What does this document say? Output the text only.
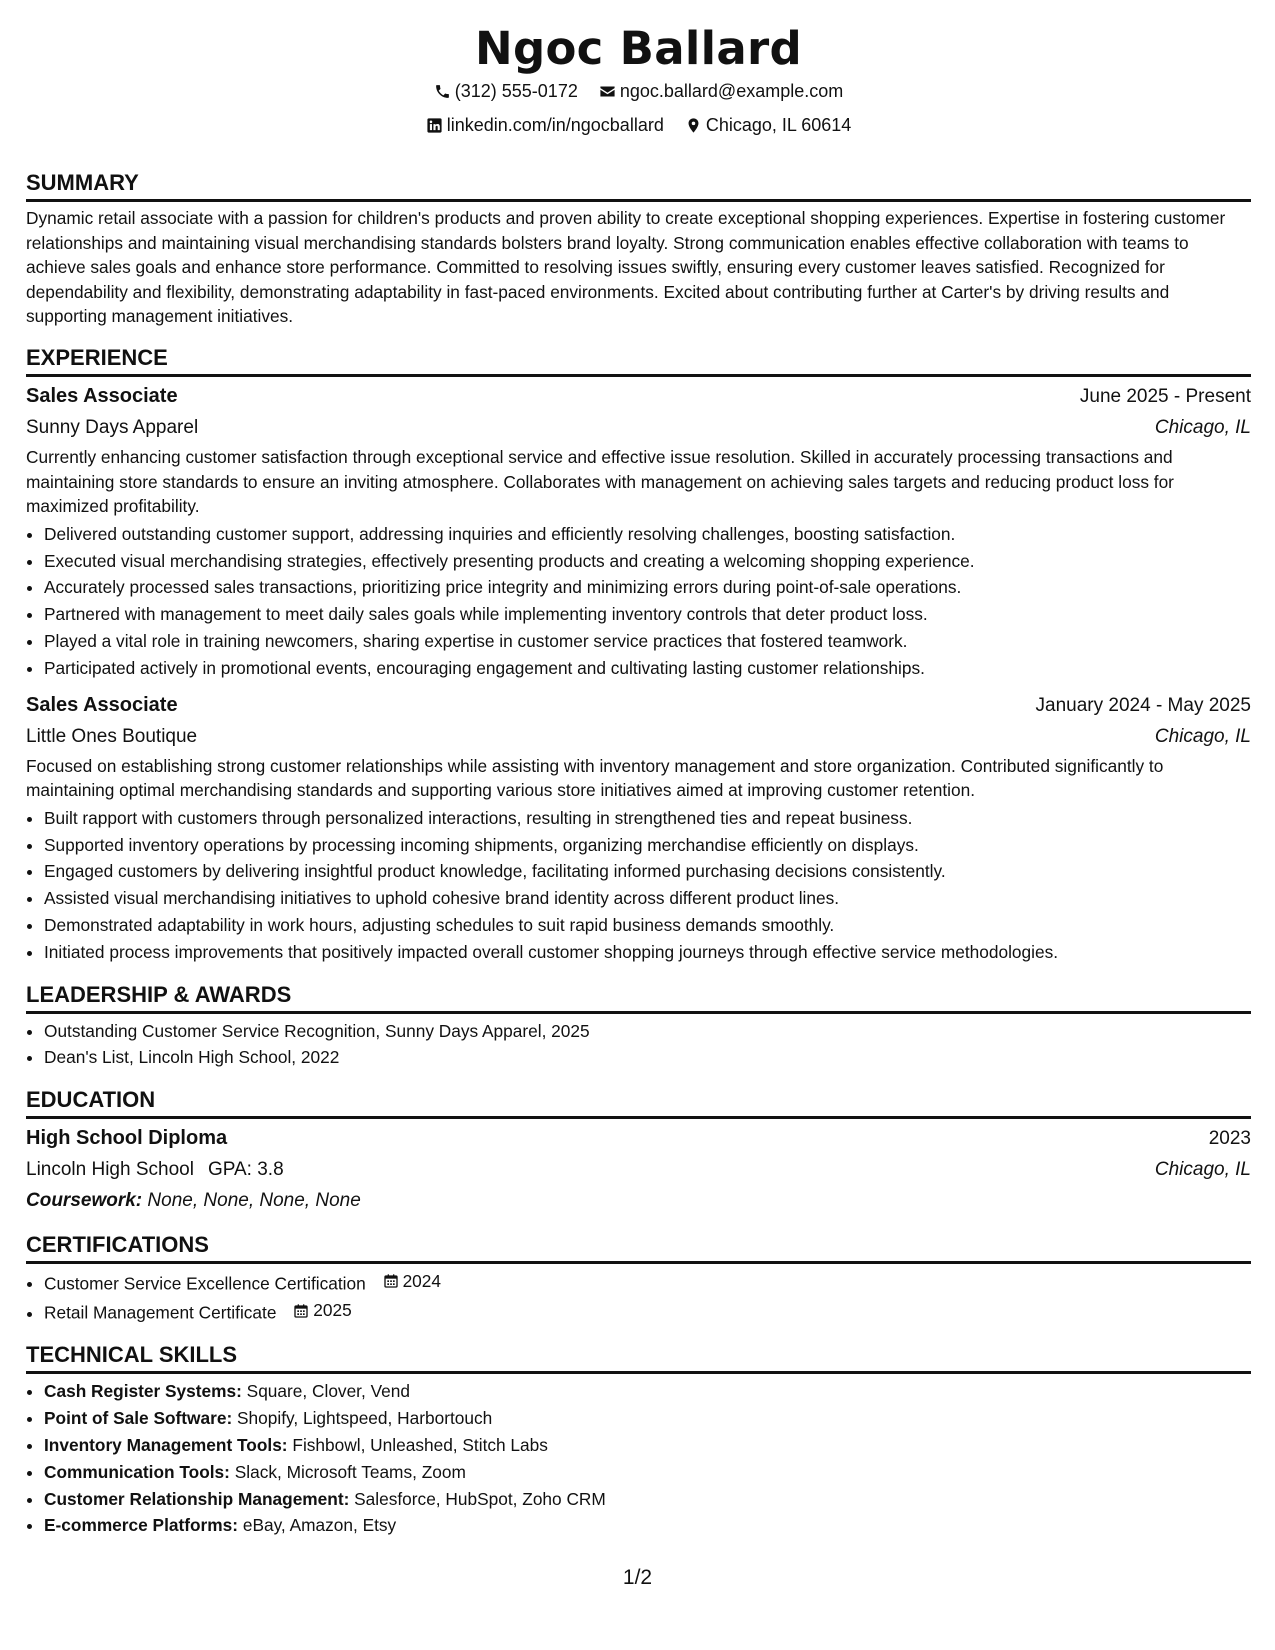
Ngoc Ballard
(312) 555-0172
ngoc.ballard@example.com
linkedin.com/in/ngocballard
Chicago, IL 60614
SUMMARY

Dynamic retail associate with a passion for children's products and proven ability to create exceptional shopping experiences. Expertise in fostering customer relationships and maintaining visual merchandising standards bolsters brand loyalty. Strong communication enables effective collaboration with teams to achieve sales goals and enhance store performance. Committed to resolving issues swiftly, ensuring every customer leaves satisfied. Recognized for dependability and flexibility, demonstrating adaptability in fast-paced environments. Excited about contributing further at Carter's by driving results and supporting management initiatives.

EXPERIENCE
Sales Associate	June 2025 - Present
Sunny Days Apparel	Chicago, IL

Currently enhancing customer satisfaction through exceptional service and effective issue resolution. Skilled in accurately processing transactions and maintaining store standards to ensure an inviting atmosphere. Collaborates with management on achieving sales targets and reducing product loss for maximized profitability.

• Delivered outstanding customer support, addressing inquiries and efficiently resolving challenges, boosting satisfaction.
• Executed visual merchandising strategies, effectively presenting products and creating a welcoming shopping experience.
• Accurately processed sales transactions, prioritizing price integrity and minimizing errors during point-of-sale operations.
• Partnered with management to meet daily sales goals while implementing inventory controls that deter product loss.
• Played a vital role in training newcomers, sharing expertise in customer service practices that fostered teamwork.
• Participated actively in promotional events, encouraging engagement and cultivating lasting customer relationships.
Sales Associate	January 2024 - May 2025
Little Ones Boutique	Chicago, IL

Focused on establishing strong customer relationships while assisting with inventory management and store organization. Contributed significantly to maintaining optimal merchandising standards and supporting various store initiatives aimed at improving customer retention.

• Built rapport with customers through personalized interactions, resulting in strengthened ties and repeat business.
• Supported inventory operations by processing incoming shipments, organizing merchandise efficiently on displays.
• Engaged customers by delivering insightful product knowledge, facilitating informed purchasing decisions consistently.
• Assisted visual merchandising initiatives to uphold cohesive brand identity across different product lines.
• Demonstrated adaptability in work hours, adjusting schedules to suit rapid business demands smoothly.
• Initiated process improvements that positively impacted overall customer shopping journeys through effective service methodologies.
LEADERSHIP & AWARDS
• Outstanding Customer Service Recognition, Sunny Days Apparel, 2025
• Dean's List, Lincoln High School, 2022
EDUCATION
High School Diploma	2023
Lincoln High School GPA: 3.8	Chicago, IL
Coursework: None, None, None, None
CERTIFICATIONS
• Customer Service Excellence Certification 2024
• Retail Management Certificate 2025
TECHNICAL SKILLS
• Cash Register Systems: Square, Clover, Vend
• Point of Sale Software: Shopify, Lightspeed, Harbortouch
• Inventory Management Tools: Fishbowl, Unleashed, Stitch Labs
• Communication Tools: Slack, Microsoft Teams, Zoom
• Customer Relationship Management: Salesforce, HubSpot, Zoho CRM
• E-commerce Platforms: eBay, Amazon, Etsy
1/2
